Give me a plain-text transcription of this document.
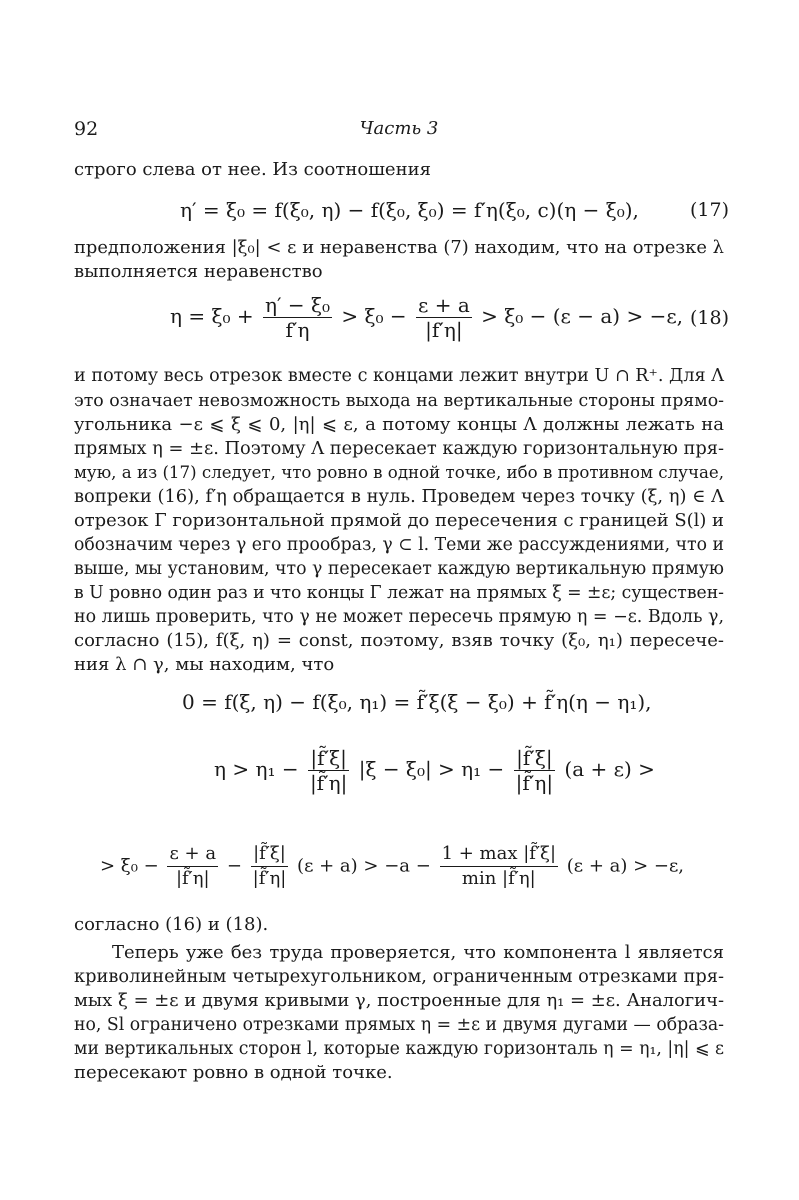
92	Часть 3
строго слева от нее. Из соотношения
η′ = ξ₀ = f(ξ₀, η) − f(ξ₀, ξ₀) = f′η(ξ₀, c)(η − ξ₀),	(17)
предположения |ξ₀| < ε и неравенства (7) находим, что на отрезке λ
выполняется неравенство
$\eta = \xi_0 + \frac{\text{η′ − ξ₀}}{f'\eta} > \xi_0 - \frac{\varepsilon + a}{|f'\eta|} > \xi_0 - (\varepsilon - a) > -\varepsilon$, (18)
и потому весь отрезок вместе с концами лежит внутри U ∩ R⁺. Для Λ
это означает невозможность выхода на вертикальные стороны прямо-
угольника −ε ⩽ ξ ⩽ 0, |η| ⩽ ε, а потому концы Λ должны лежать на
прямых η = ±ε. Поэтому Λ пересекает каждую горизонтальную пря-
мую, а из (17) следует, что ровно в одной точке, ибо в противном случае,
вопреки (16), f′η обращается в нуль. Проведем через точку (ξ, η) ∈ Λ
отрезок Γ горизонтальной прямой до пересечения с границей S(l) и
обозначим через γ его прообраз, γ ⊂ l. Теми же рассуждениями, что и
выше, мы установим, что γ пересекает каждую вертикальную прямую
в U ровно один раз и что концы Γ лежат на прямых ξ = ±ε; существен-
но лишь проверить, что γ не может пересечь прямую η = −ε. Вдоль γ,
согласно (15), f(ξ, η) = const, поэтому, взяв точку (ξ₀, η₁) пересече-
ния λ ∩ γ, мы находим, что
0 = f(ξ, η) − f(ξ₀, η₁) = f̃′ξ(ξ − ξ₀) + f̃′η(η − η₁),
$\eta > \eta_1 - \frac{|f̃'\xi|}{|f̃'\eta|} |\xi - \xi_0| > \eta_1 - \frac{|f̃'\xi|}{|f̃'\eta|} (a + \varepsilon)$ >
> $\xi_0 - \frac{\varepsilon + a}{|f̃'\eta|} - \frac{|f̃'\xi|}{|f̃'\eta|} (\varepsilon + a) > -a - \frac{1 + \max |f̃'\xi|}{\min |f̃'\eta|} (\varepsilon + a) > -\varepsilon$,
согласно (16) и (18).
Теперь уже без труда проверяется, что компонента l является
криволинейным четырехугольником, ограниченным отрезками пря-
мых ξ = ±ε и двумя кривыми γ, построенные для η₁ = ±ε. Аналогич-
но, Sl ограничено отрезками прямых η = ±ε и двумя дугами — образа-
ми вертикальных сторон l, которые каждую горизонталь η = η₁, |η| ⩽ ε
пересекают ровно в одной точке.
